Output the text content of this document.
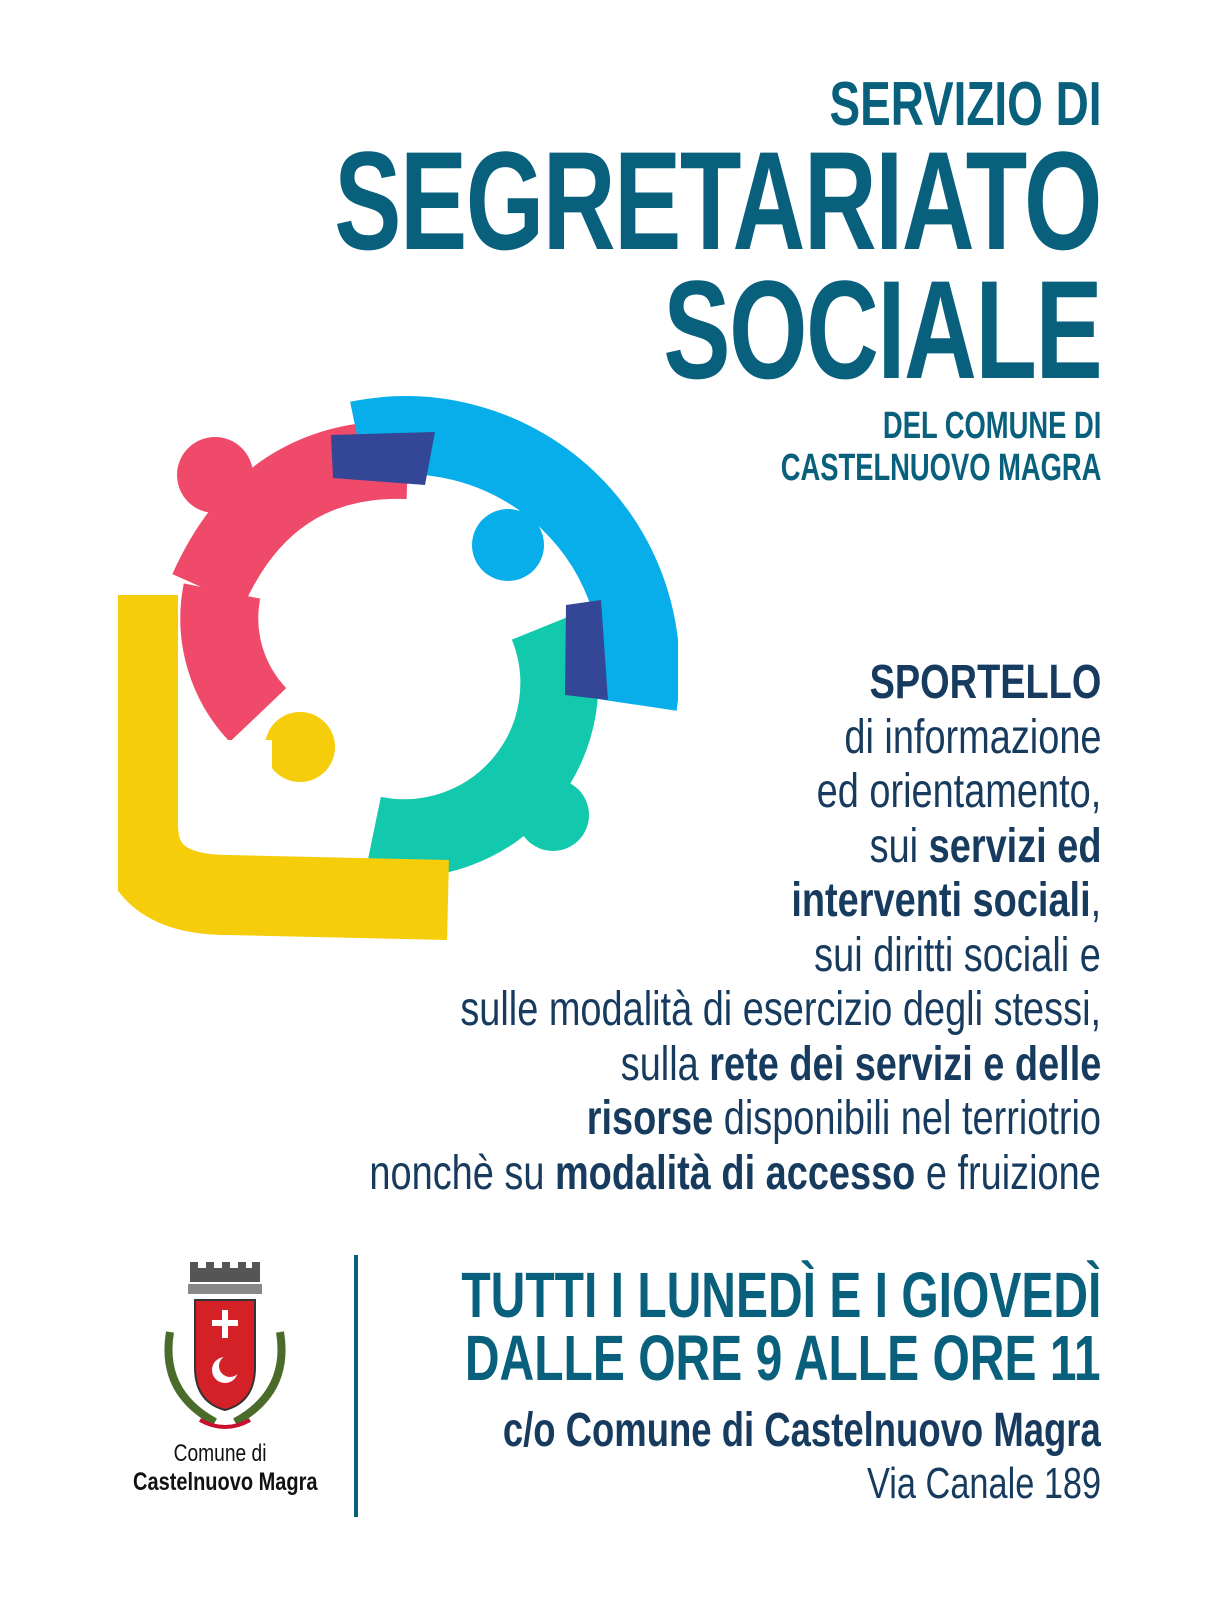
SERVIZIO DI
SEGRETARIATO
SOCIALE
DEL COMUNE DI
CASTELNUOVO MAGRA
SPORTELLO
di informazione
ed orientamento,
sui servizi ed
interventi sociali,
sui diritti sociali e
sulle modalità di esercizio degli stessi,
sulla rete dei servizi e delle
risorse disponibili nel terriotrio
nonchè su modalità di accesso e fruizione
Comune di
Castelnuovo Magra
TUTTI I LUNEDÌ E I GIOVEDÌ
DALLE ORE 9 ALLE ORE 11
c/o Comune di Castelnuovo Magra
Via Canale 189
